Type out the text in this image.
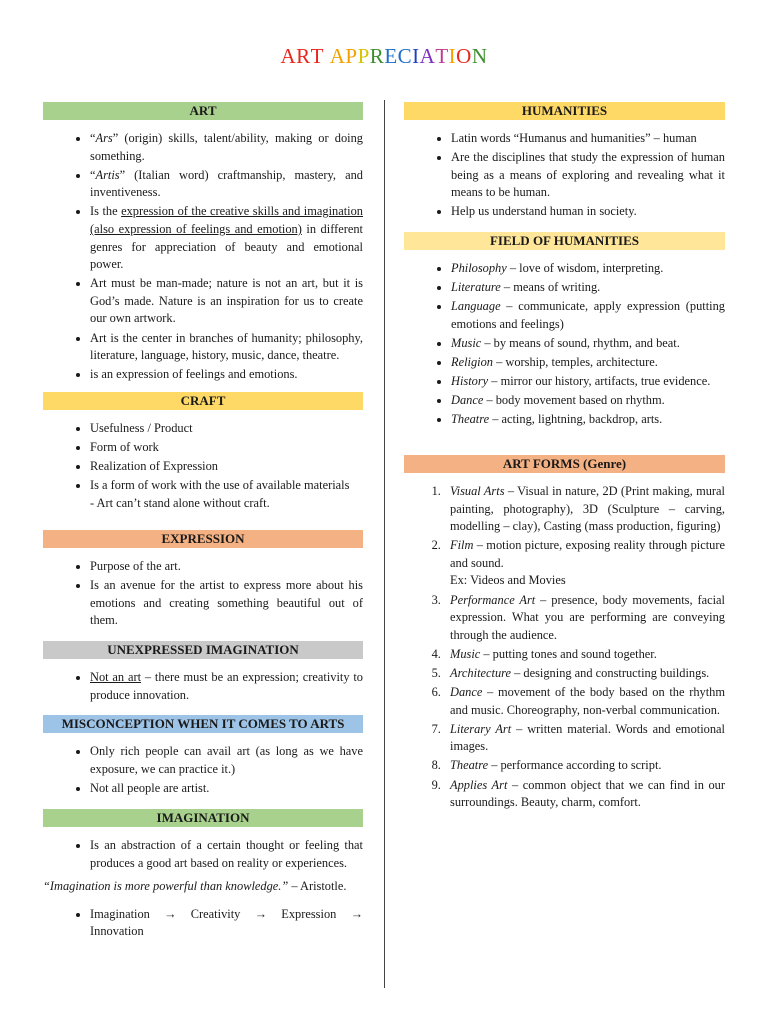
ART APPRECIATION
ART
• “Ars” (origin) skills, talent/ability, making or doing something.
• “Artis” (Italian word) craftmanship, mastery, and inventiveness.
• Is the expression of the creative skills and imagination (also expression of feelings and emotion) in different genres for appreciation of beauty and emotional power.
• Art must be man-made; nature is not an art, but it is God’s made. Nature is an inspiration for us to create our own artwork.
• Art is the center in branches of humanity; philosophy, literature, language, history, music, dance, theatre.
• is an expression of feelings and emotions.
CRAFT
• Usefulness / Product
• Form of work
• Realization of Expression
• Is a form of work with the use of available materials
- Art can’t stand alone without craft.
EXPRESSION
• Purpose of the art.
• Is an avenue for the artist to express more about his emotions and creating something beautiful out of them.
UNEXPRESSED IMAGINATION
• Not an art – there must be an expression; creativity to produce innovation.
MISCONCEPTION WHEN IT COMES TO ARTS
• Only rich people can avail art (as long as we have exposure, we can practice it.)
• Not all people are artist.
IMAGINATION
• Is an abstraction of a certain thought or feeling that produces a good art based on reality or experiences.

“Imagination is more powerful than knowledge.” – Aristotle.

• Imagination → Creativity → Expression → Innovation
HUMANITIES
• Latin words “Humanus and humanities” – human
• Are the disciplines that study the expression of human being as a means of exploring and revealing what it means to be human.
• Help us understand human in society.
FIELD OF HUMANITIES
• Philosophy – love of wisdom, interpreting.
• Literature – means of writing.
• Language – communicate, apply expression (putting emotions and feelings)
• Music – by means of sound, rhythm, and beat.
• Religion – worship, temples, architecture.
• History – mirror our history, artifacts, true evidence.
• Dance – body movement based on rhythm.
• Theatre – acting, lightning, backdrop, arts.
ART FORMS (Genre)
1. Visual Arts – Visual in nature, 2D (Print making, mural painting, photography), 3D (Sculpture – carving, modelling – clay), Casting (mass production, figuring)
2. Film – motion picture, exposing reality through picture and sound.
Ex: Videos and Movies
3. Performance Art – presence, body movements, facial expression. What you are performing are conveying through the audience.
4. Music – putting tones and sound together.
5. Architecture – designing and constructing buildings.
6. Dance – movement of the body based on the rhythm and music. Choreography, non-verbal communication.
7. Literary Art – written material. Words and emotional images.
8. Theatre – performance according to script.
9. Applies Art – common object that we can find in our surroundings. Beauty, charm, comfort.
